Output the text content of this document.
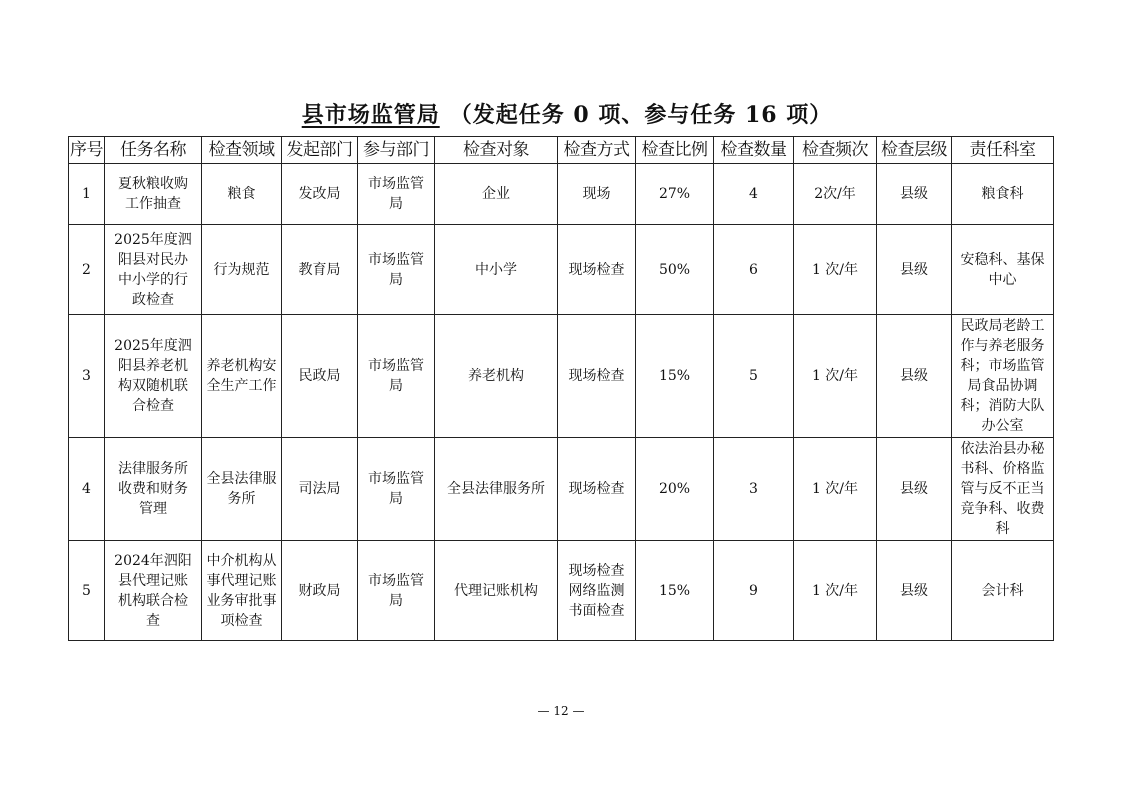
县市场监管局 （发起任务 0 项、参与任务 16 项）
序号	任务名称	检查领域	发起部门	参与部门	检查对象	检查方式	检查比例	检查数量	检查频次	检查层级	责任科室
1	夏秋粮收购工作抽查	粮食	发改局	市场监管局	企业	现场	27%	4	2次/年	县级	粮食科
2	2025年度泗阳县对民办中小学的行政检查	行为规范	教育局	市场监管局	中小学	现场检查	50%	6	1 次/年	县级	安稳科、基保中心
3	2025年度泗阳县养老机构双随机联合检查	养老机构安全生产工作	民政局	市场监管局	养老机构	现场检查	15%	5	1 次/年	县级	民政局老龄工作与养老服务科；市场监管局食品协调科；消防大队办公室
4	法律服务所收费和财务管理	全县法律服务所	司法局	市场监管局	全县法律服务所	现场检查	20%	3	1 次/年	县级	依法治县办秘书科、价格监管与反不正当竞争科、收费科
5	2024年泗阳县代理记账机构联合检查	中介机构从事代理记账业务审批事项检查	财政局	市场监管局	代理记账机构	现场检查 网络监测 书面检查	15%	9	1 次/年	县级	会计科
— 12 —
